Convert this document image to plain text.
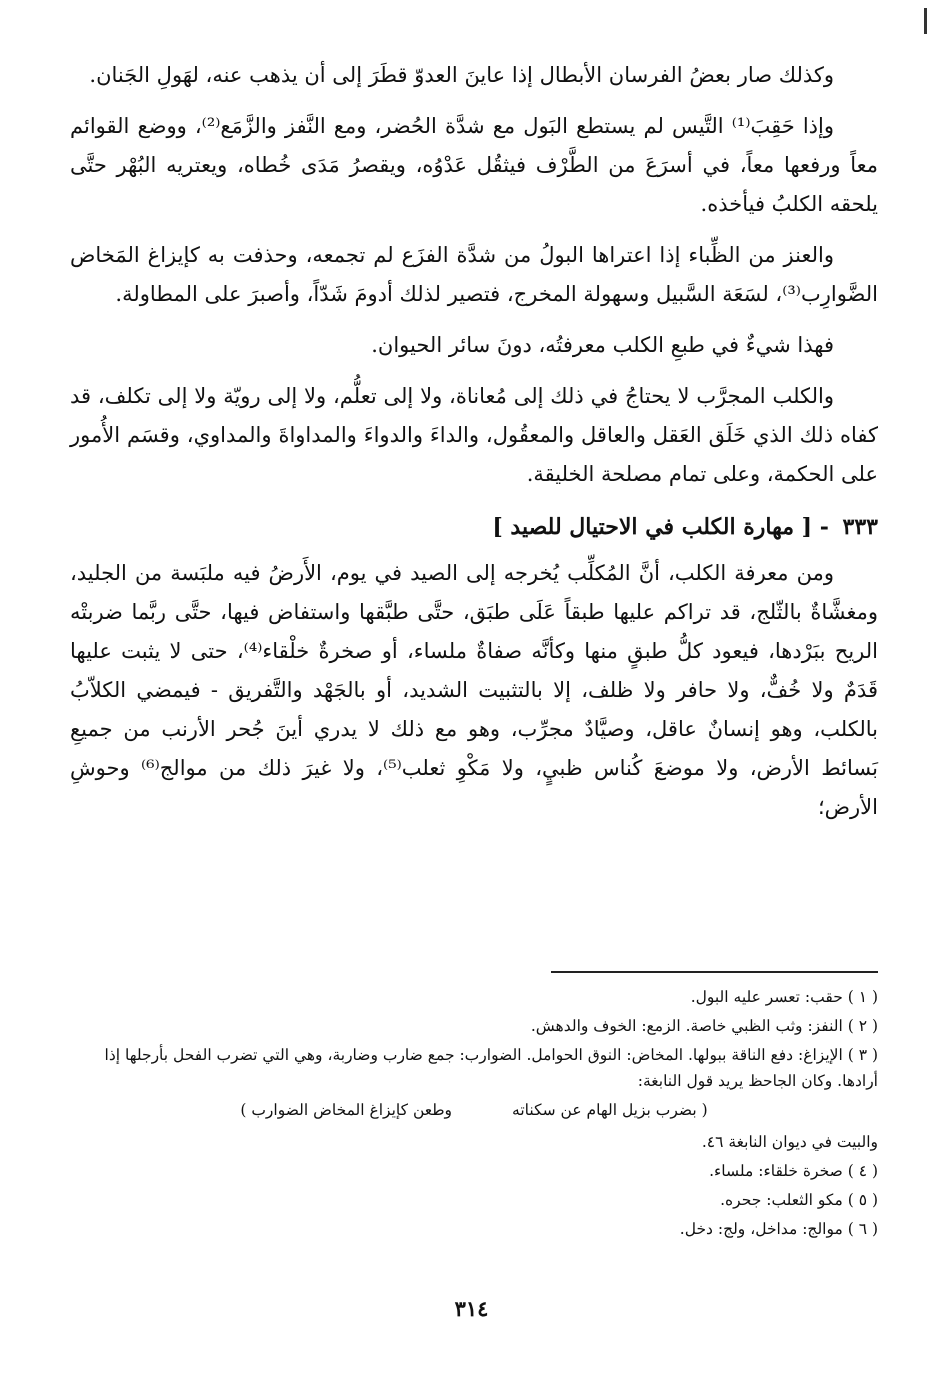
وكذلك صار بعضُ الفرسان الأبطال إذا عاينَ العدوّ قطَرَ إلى أن يذهب عنه، لهَولِ الجَنان.

وإذا حَقِبَ⁽¹⁾ التَّيس لم يستطع البَول مع شدَّة الحُضر، ومع النَّفز والزَّمَع⁽²⁾، ووضع القوائم معاً ورفعها معاً، في أسرَعَ من الطَّرْف فيثقُل عَدْوُه، ويقصرُ مَدَى خُطاه، ويعتريه البُهْر حتَّى يلحقه الكلبُ فيأخذه.

والعنز من الظِّباء إذا اعتراها البولُ من شدَّة الفزَع لم تجمعه، وحذفت به كإيزاغ المَخاض الضَّوارِب⁽³⁾، لسَعَة السَّبيل وسهولة المخرج، فتصير لذلك أدومَ شَدّاً، وأصبرَ على المطاولة.

فهذا شيءٌ في طبعِ الكلب معرفتُه، دونَ سائر الحيوان.

والكلب المجرَّب لا يحتاجُ في ذلك إلى مُعاناة، ولا إلى تعلُّم، ولا إلى رويّة ولا إلى تكلف، قد كفاه ذلك الذي خَلَق العَقل والعاقل والمعقُول، والداءَ والدواءَ والمداواةَ والمداوي، وقسَم الأُمور على الحكمة، وعلى تمام مصلحة الخليقة.

٣٣٣ - [ مهارة الكلب في الاحتيال للصيد ]

ومن معرفة الكلب، أنَّ المُكلِّب يُخرجه إلى الصيد في يوم، الأَرضُ فيه ملبَسة من الجليد، ومغشَّاةٌ بالثّلج، قد تراكم عليها طبقاً عَلَى طبَق، حتَّى طبَّقها واستفاض فيها، حتَّى ربَّما ضربتْه الريح ببَرْدها، فيعود كلُّ طبقٍ منها وكأنَّه صفاةٌ ملساء، أو صخرةٌ خلْقاء⁽⁴⁾، حتى لا يثبت عليها قَدَمٌ ولا خُفٌّ، ولا حافر ولا ظلف، إلا بالتثبيت الشديد، أو بالجَهْد والتَّفريق - فيمضي الكلاّبُ بالكلب، وهو إنسانٌ عاقل، وصيَّادٌ مجرِّب، وهو مع ذلك لا يدري أينَ جُحر الأرنب من جميعِ بَسائط الأرض، ولا موضعَ كُناس ظبيٍ، ولا مَكْوِ ثعلب⁽⁵⁾، ولا غيرَ ذلك من موالج⁽⁶⁾ وحوشِ الأرض؛

( ١ ) حقب: تعسر عليه البول.
( ٢ ) النفز: وثب الظبي خاصة. الزمع: الخوف والدهش.
( ٣ ) الإيزاغ: دفع الناقة ببولها. المخاض: النوق الحوامل. الضوارب: جمع ضارب وضاربة، وهي التي تضرب الفحل بأرجلها إذا أرادها. وكان الجاحظ يريد قول النابغة:
( بضرب بزيل الهام عن سكناته
وطعن كإيزاغ المخاض الضوارب )
والبيت في ديوان النابغة ٤٦.
( ٤ ) صخرة خلقاء: ملساء.
( ٥ ) مكو الثعلب: جحره.
( ٦ ) موالج: مداخل، ولج: دخل.
٣١٤
